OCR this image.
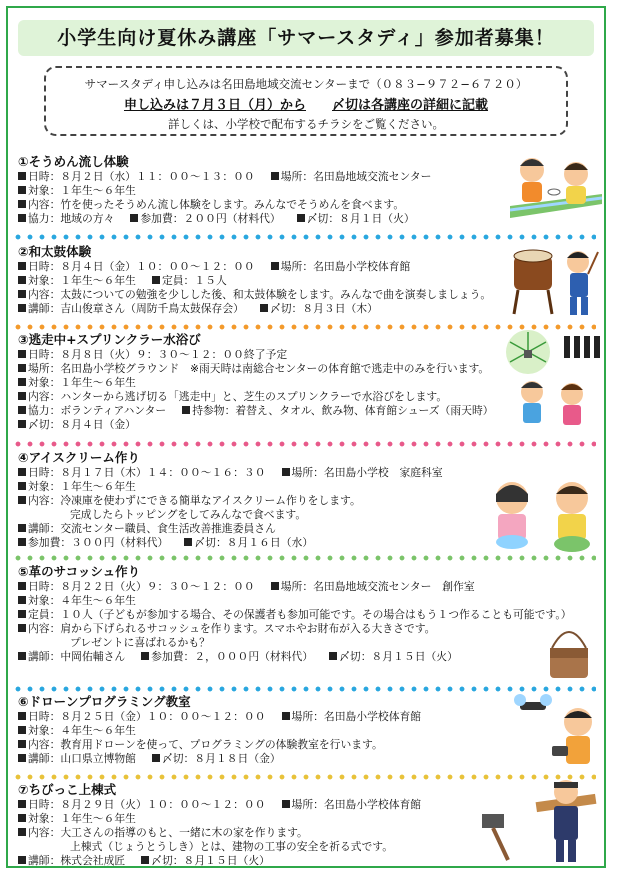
小学生向け夏休み講座「サマースタディ」参加者募集！
サマースタディ申し込みは名田島地域交流センターまで（０８３−９７２−６７２０）
申し込みは７月３日（月）から 〆切は各講座の詳細に記載
詳しくは、小学校で配布するチラシをご覧ください。
①そうめん流し体験
日時：８月２日（水）１１：００〜１３：００ 場所：名田島地域交流センター
対象：１年生〜６年生
内容：竹を使ったそうめん流し体験をします。みんなでそうめんを食べます。
協力：地域の方々 参加費：２００円（材料代） 〆切：８月１日（火）
②和太鼓体験
日時：８月４日（金）１０：００〜１２：００ 場所：名田島小学校体育館
対象：１年生〜６年生 定員：１５人
内容：太鼓についての勉強を少しした後、和太鼓体験をします。みんなで曲を演奏しましょう。
講師：吉山俊章さん（周防千鳥太鼓保存会） 〆切：８月３日（木）
③逃走中+スプリンクラー水浴び
日時：８月８日（火）９：３０〜１２：００終了予定
場所：名田島小学校グラウンド　※雨天時は南総合センターの体育館で逃走中のみを行います。
対象：１年生〜６年生
内容：ハンターから逃げ切る「逃走中」と、芝生のスプリンクラーで水浴びをします。
協力：ボランティアハンター 持参物：着替え、タオル、飲み物、体育館シューズ（雨天時）
〆切：８月４日（金）
④アイスクリーム作り
日時：８月１７日（木）１４：００〜１６：３０ 場所：名田島小学校　家庭科室
対象：１年生〜６年生
内容：冷凍庫を使わずにできる簡単なアイスクリーム作りをします。
完成したらトッピングをしてみんなで食べます。
講師：交流センター職員、食生活改善推進委員さん
参加費：３００円（材料代） 〆切：８月１６日（水）
⑤革のサコッシュ作り
日時：８月２２日（火）９：３０〜１２：００ 場所：名田島地域交流センター　創作室
対象：４年生〜６年生
定員：１０人（子どもが参加する場合、その保護者も参加可能です。その場合はもう１つ作ることも可能です。）
内容：肩から下げられるサコッシュを作ります。スマホやお財布が入る大きさです。
プレゼントに喜ばれるかも？
講師：中岡佑輔さん 参加費：２，０００円（材料代） 〆切：８月１５日（火）
⑥ドローンプログラミング教室
日時：８月２５日（金）１０：００〜１２：００ 場所：名田島小学校体育館
対象：４年生〜６年生
内容：教育用ドローンを使って、プログラミングの体験教室を行います。
講師：山口県立博物館 〆切：８月１８日（金）
⑦ちびっこ上棟式
日時：８月２９日（火）１０：００〜１２：００ 場所：名田島小学校体育館
対象：１年生〜６年生
内容：大工さんの指導のもと、一緒に木の家を作ります。
上棟式（じょうとうしき）とは、建物の工事の安全を祈る式です。
講師：株式会社成匠 〆切：８月１５日（火）
